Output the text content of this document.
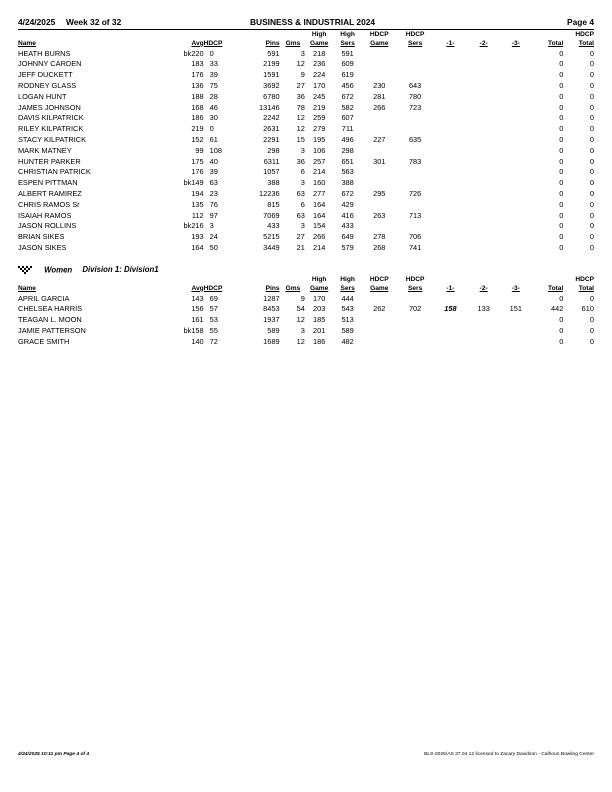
4/24/2025 Week 32 of 32	BUSINESS & INDUSTRIAL 2024	Page 4
					High	High	HDCP	HDCP					HDCP
Name	Avg	HDCP	Pins	Gms	Game	Sers	Game	Sers	-1-	-2-	-3-	Total	Total
HEATH BURNS	bk220	0	591	3	218	591						0	0
JOHNNY CARDEN	183	33	2199	12	236	609						0	0
JEFF DUCKETT	176	39	1591	9	224	619						0	0
RODNEY GLASS	136	75	3692	27	170	456	230	643				0	0
LOGAN HUNT	188	28	6780	36	245	672	281	780				0	0
JAMES JOHNSON	168	46	13146	78	219	582	266	723				0	0
DAVIS KILPATRICK	186	30	2242	12	259	607						0	0
RILEY KILPATRICK	219	0	2631	12	279	711						0	0
STACY KILPATRICK	152	61	2291	15	195	496	227	635				0	0
MARK MATNEY	99	108	298	3	106	298						0	0
HUNTER PARKER	175	40	6311	36	257	651	301	783				0	0
CHRISTIAN PATRICK	176	39	1057	6	214	563						0	0
ESPEN PITTMAN	bk149	63	388	3	160	388						0	0
ALBERT RAMIREZ	194	23	12236	63	277	672	295	726				0	0
CHRIS RAMOS Sr	135	76	815	6	164	429						0	0
ISAIAH RAMOS	112	97	7069	63	164	416	263	713				0	0
JASON ROLLINS	bk216	3	433	3	154	433						0	0
BRIAN SIKES	193	24	5215	27	266	649	278	706				0	0
JASON SIKES	164	50	3449	21	214	579	268	741				0	0
Women Division 1: Division1
					High	High	HDCP	HDCP					HDCP
Name	Avg	HDCP	Pins	Gms	Game	Sers	Game	Sers	-1-	-2-	-3-	Total	Total
APRIL GARCIA	143	69	1287	9	170	444						0	0
CHELSEA HARRIS	156	57	8453	54	203	543	262	702	158	133	151	442	610
TEAGAN L. MOON	161	53	1937	12	185	513						0	0
JAMIE PATTERSON	bk158	55	589	3	201	589						0	0
GRACE SMITH	140	72	1689	12	186	482						0	0
4/24/2025 10:11 pm Page 4 of 4	BLS-2025/AS 37.04.12 licensed to Zacary Davidson - Calhoun Bowling Center
